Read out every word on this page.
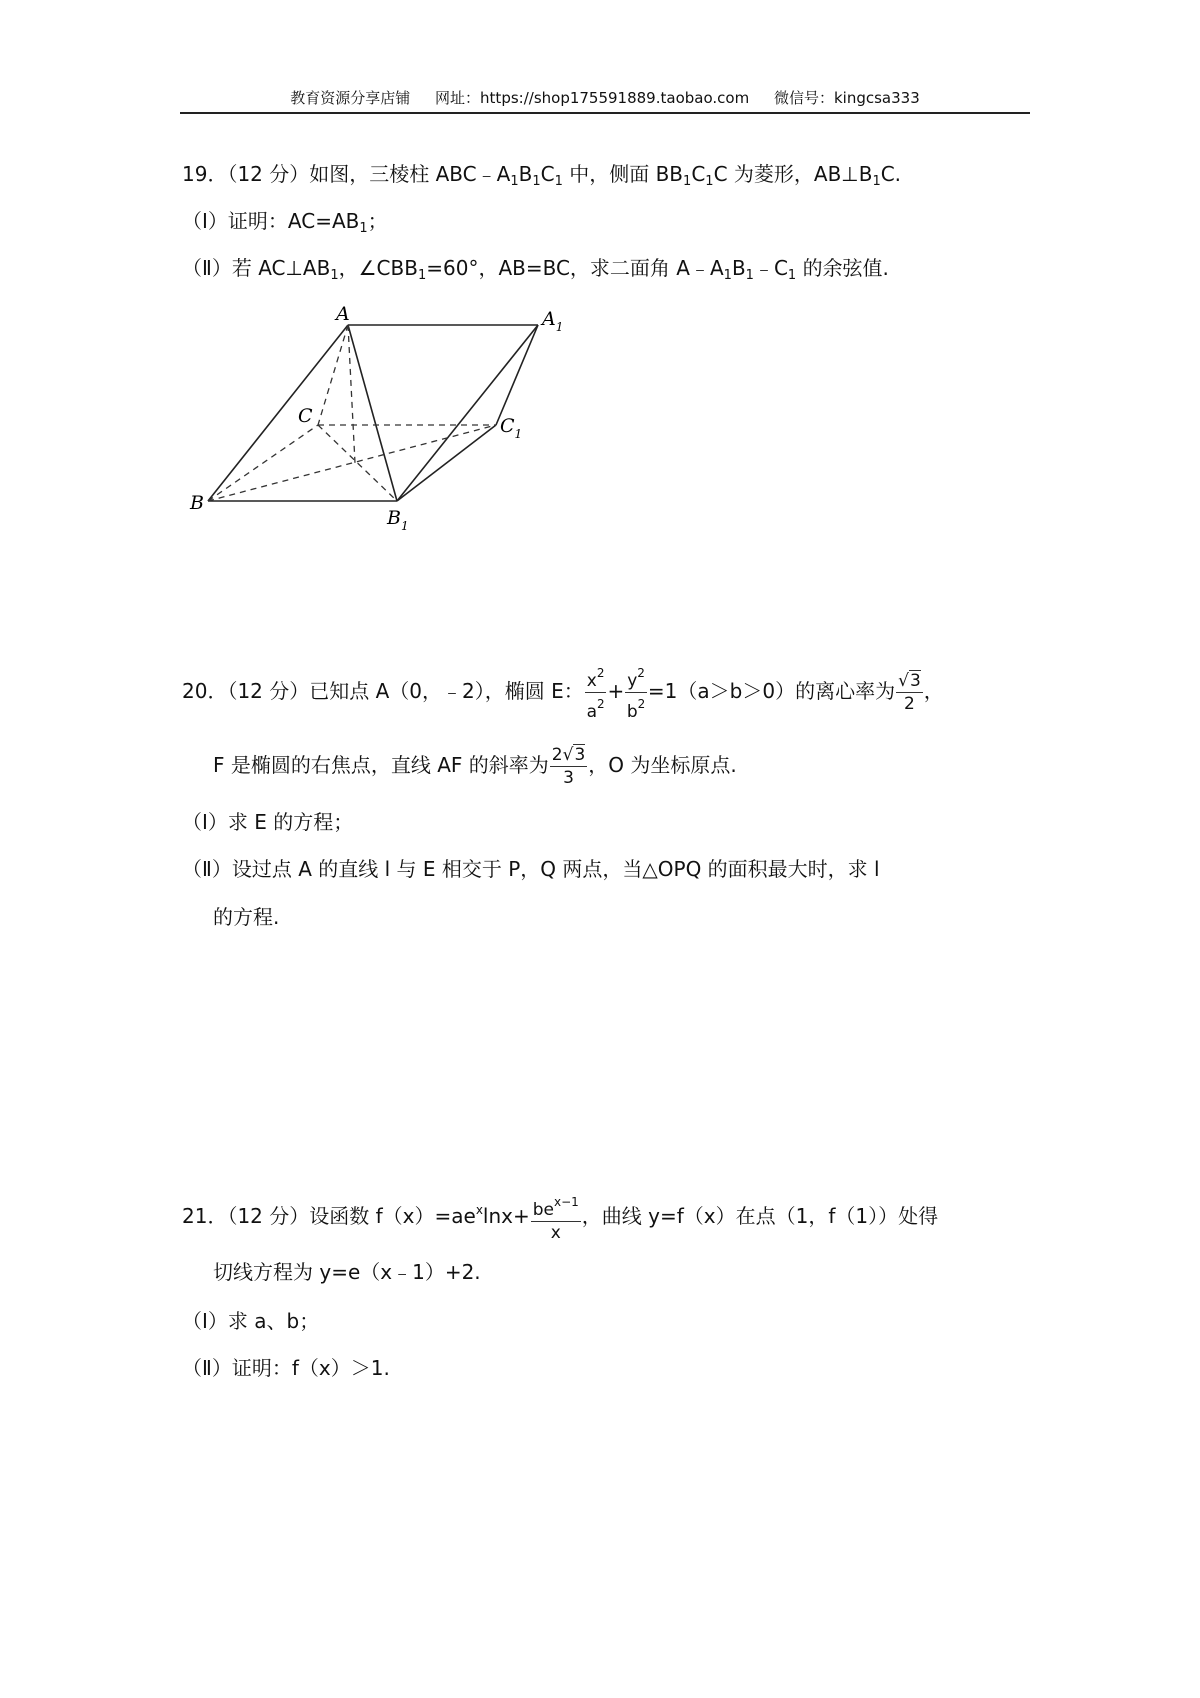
教育资源分享店铺 网址：https://shop175591889.taobao.com 微信号：kingcsa333
19．（12 分）如图，三棱柱 $ABC﹣A_1B_1C_1$ 中，侧面 $BB_1C_1C$ 为菱形，$AB\perp B_1C$.
（Ⅰ）证明：$AC=AB_1$；
（Ⅱ）若 $AC\perp AB_1$，$\angle CBB_1=60^\circ$，AB=BC，求二面角 $A﹣A_1B_1﹣C_1$ 的余弦值.
A	$A_1$
C	$C_1$
B
$B_1$
20．（12 分）已知点 A（0，﹣2），椭圆 E： $\frac{x^2}{a^2} + \frac{y^2}{b^2} =1(a>b>0)$的离心率为 $\frac{√3}{2}$ ，
F 是椭圆的右焦点，直线 AF 的斜率为 $\frac{2√3}{3}$ ，O 为坐标原点.
（Ⅰ）求 E 的方程；
（Ⅱ）设过点 A 的直线 l 与 E 相交于 P，Q 两点，当△OPQ 的面积最大时，求 l
的方程.
21．（12 分）设函数 $f(x)=ae^x\ln x+ \frac{be^{x-1}}{x}$ ，曲线 y=f（x）在点（1，f（1））处得
切线方程为 y=e（x﹣1）+2.
（Ⅰ）求 a、b；
（Ⅱ）证明：f（x）＞1.
